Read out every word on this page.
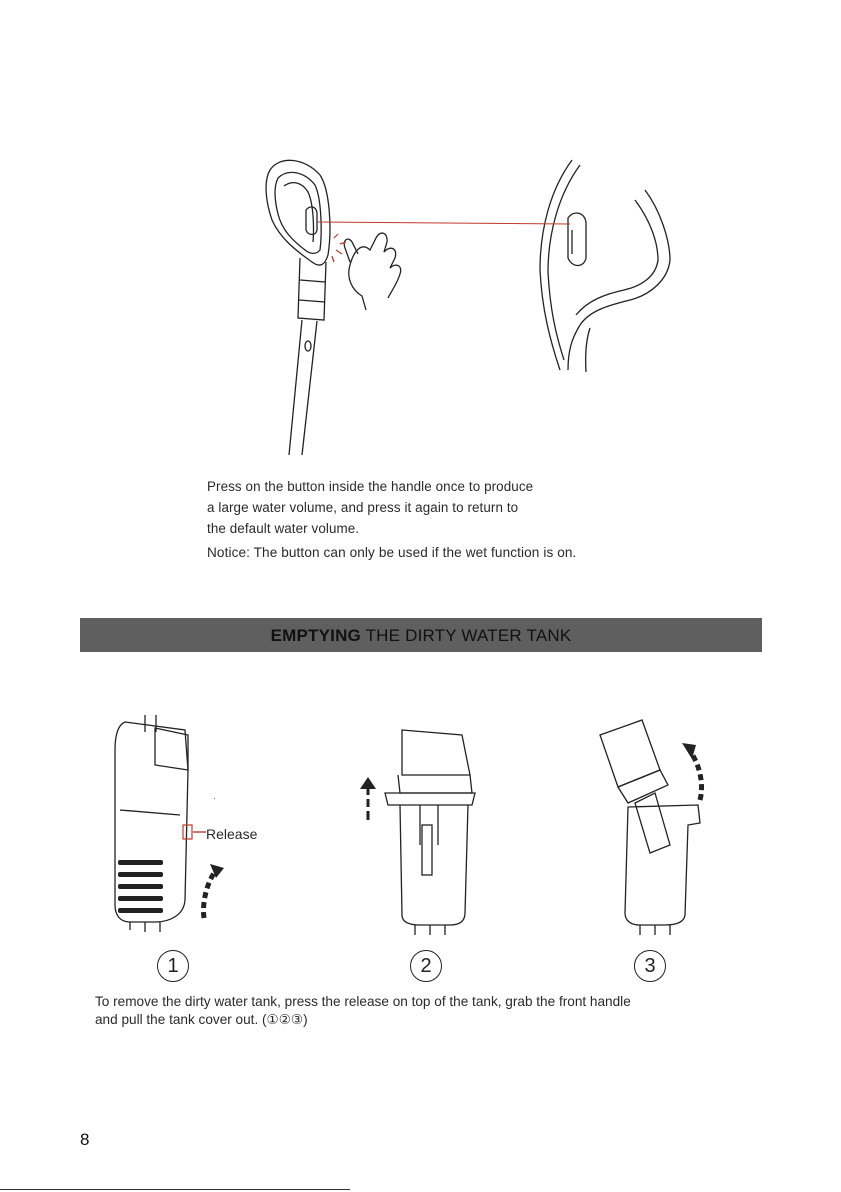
Press on the button inside the handle once to produce
a large water volume, and press it again to return to
the default water volume.
Notice: The button can only be used if the wet function is on.
EMPTYING THE DIRTY WATER TANK
Release
1	2	3
To remove the dirty water tank, press the release on top of the tank, grab the front handle
and pull the tank cover out. (①②③)
8
